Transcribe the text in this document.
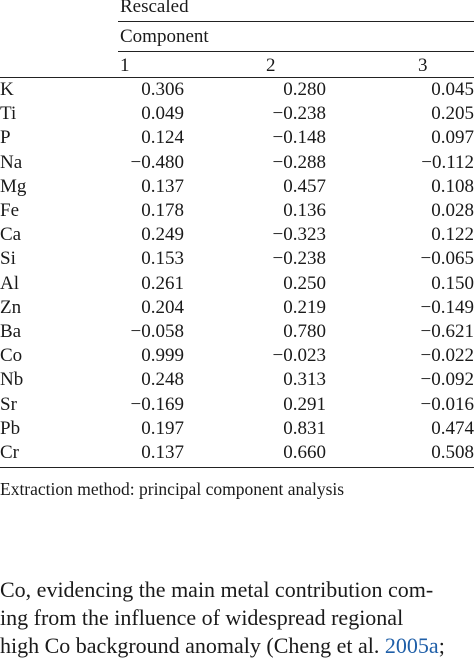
Rescaled
Component
1	2	3
K	0.306	0.280	0.045
Ti	0.049	−0.238	0.205
P	0.124	−0.148	0.097
Na	−0.480	−0.288	−0.112
Mg	0.137	0.457	0.108
Fe	0.178	0.136	0.028
Ca	0.249	−0.323	0.122
Si	0.153	−0.238	−0.065
Al	0.261	0.250	0.150
Zn	0.204	0.219	−0.149
Ba	−0.058	0.780	−0.621
Co	0.999	−0.023	−0.022
Nb	0.248	0.313	−0.092
Sr	−0.169	0.291	−0.016
Pb	0.197	0.831	0.474
Cr	0.137	0.660	0.508
Extraction method: principal component analysis
Co, evidencing the main metal contribution com-
ing from the influence of widespread regional
high Co background anomaly (Cheng et al. 2005a;
